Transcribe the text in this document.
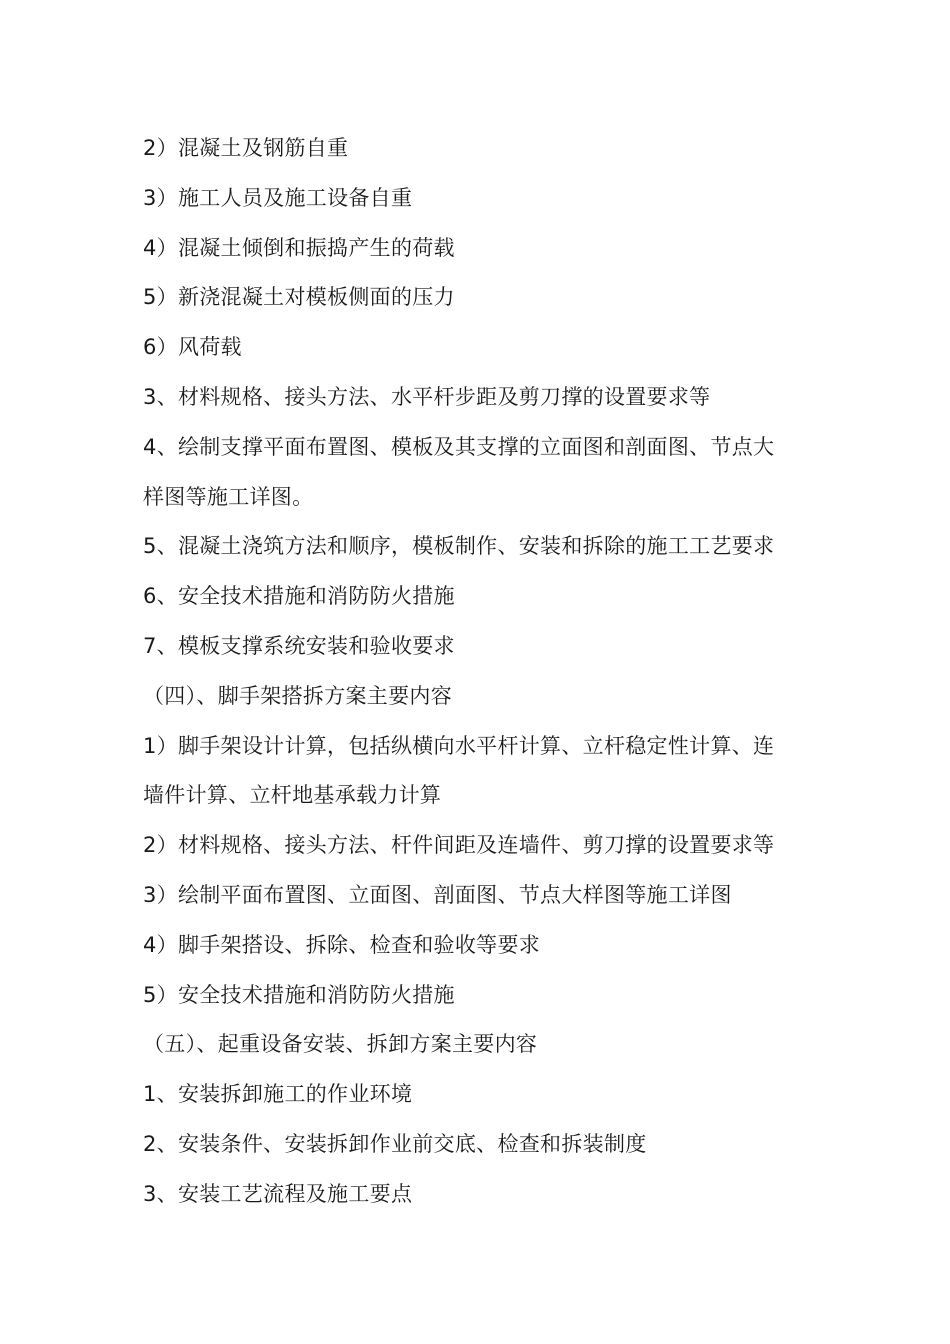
2）混凝土及钢筋自重
3）施工人员及施工设备自重
4）混凝土倾倒和振捣产生的荷载
5）新浇混凝土对模板侧面的压力
6）风荷载
3、材料规格、接头方法、水平杆步距及剪刀撑的设置要求等
4、绘制支撑平面布置图、模板及其支撑的立面图和剖面图、节点大
样图等施工详图。
5、混凝土浇筑方法和顺序，模板制作、安装和拆除的施工工艺要求
6、安全技术措施和消防防火措施
7、模板支撑系统安装和验收要求
（四）、脚手架搭拆方案主要内容
1）脚手架设计计算，包括纵横向水平杆计算、立杆稳定性计算、连
墙件计算、立杆地基承载力计算
2）材料规格、接头方法、杆件间距及连墙件、剪刀撑的设置要求等
3）绘制平面布置图、立面图、剖面图、节点大样图等施工详图
4）脚手架搭设、拆除、检查和验收等要求
5）安全技术措施和消防防火措施
（五）、起重设备安装、拆卸方案主要内容
1、安装拆卸施工的作业环境
2、安装条件、安装拆卸作业前交底、检查和拆装制度
3、安装工艺流程及施工要点
